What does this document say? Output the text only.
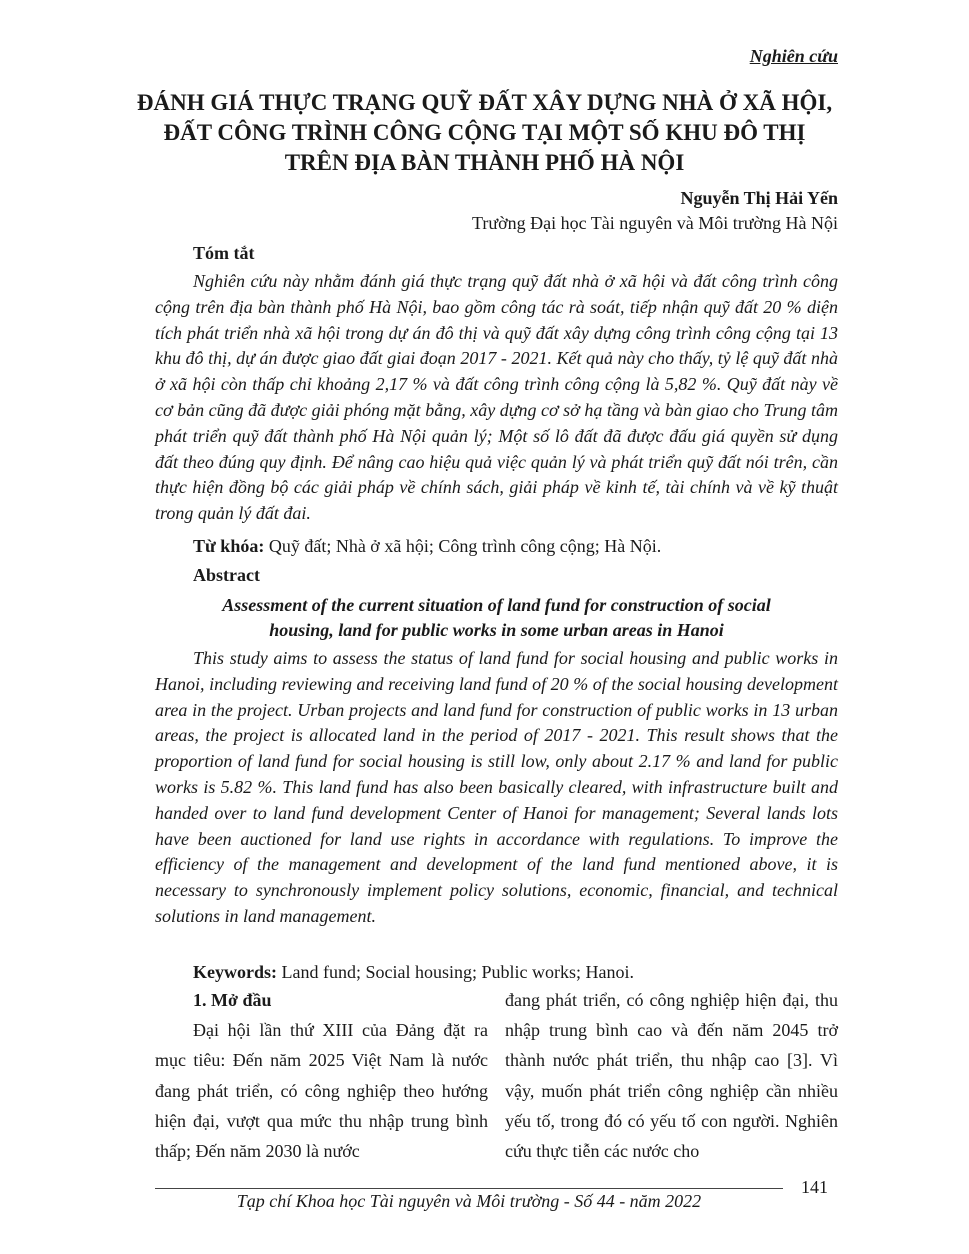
Nghiên cứu
ĐÁNH GIÁ THỰC TRẠNG QUỸ ĐẤT XÂY DỰNG NHÀ Ở XÃ HỘI,
ĐẤT CÔNG TRÌNH CÔNG CỘNG TẠI MỘT SỐ KHU ĐÔ THỊ
TRÊN ĐỊA BÀN THÀNH PHỐ HÀ NỘI
Nguyễn Thị Hải Yến
Trường Đại học Tài nguyên và Môi trường Hà Nội
Tóm tắt

Nghiên cứu này nhằm đánh giá thực trạng quỹ đất nhà ở xã hội và đất công trình công cộng trên địa bàn thành phố Hà Nội, bao gồm công tác rà soát, tiếp nhận quỹ đất 20 % diện tích phát triển nhà xã hội trong dự án đô thị và quỹ đất xây dựng công trình công cộng tại 13 khu đô thị, dự án được giao đất giai đoạn 2017 - 2021. Kết quả này cho thấy, tỷ lệ quỹ đất nhà ở xã hội còn thấp chỉ khoảng 2,17 % và đất công trình công cộng là 5,82 %. Quỹ đất này về cơ bản cũng đã được giải phóng mặt bằng, xây dựng cơ sở hạ tầng và bàn giao cho Trung tâm phát triển quỹ đất thành phố Hà Nội quản lý; Một số lô đất đã được đấu giá quyền sử dụng đất theo đúng quy định. Để nâng cao hiệu quả việc quản lý và phát triển quỹ đất nói trên, cần thực hiện đồng bộ các giải pháp về chính sách, giải pháp về kinh tế, tài chính và về kỹ thuật trong quản lý đất đai.

Từ khóa: Quỹ đất; Nhà ở xã hội; Công trình công cộng; Hà Nội.
Abstract

Assessment of the current situation of land fund for construction of social
housing, land for public works in some urban areas in Hanoi

This study aims to assess the status of land fund for social housing and public works in Hanoi, including reviewing and receiving land fund of 20 % of the social housing development area in the project. Urban projects and land fund for construction of public works in 13 urban areas, the project is allocated land in the period of 2017 - 2021. This result shows that the proportion of land fund for social housing is still low, only about 2.17 % and land for public works is 5.82 %. This land fund has also been basically cleared, with infrastructure built and handed over to land fund development Center of Hanoi for management; Several lands lots have been auctioned for land use rights in accordance with regulations. To improve the efficiency of the management and development of the land fund mentioned above, it is necessary to synchronously implement policy solutions, economic, financial, and technical solutions in land management.

Keywords: Land fund; Social housing; Public works; Hanoi.

1. Mở đầu

Đại hội lần thứ XIII của Đảng đặt ra mục tiêu: Đến năm 2025 Việt Nam là nước đang phát triển, có công nghiệp theo hướng hiện đại, vượt qua mức thu nhập trung bình thấp; Đến năm 2030 là nước

đang phát triển, có công nghiệp hiện đại, thu nhập trung bình cao và đến năm 2045 trở thành nước phát triển, thu nhập cao [3]. Vì vậy, muốn phát triển công nghiệp cần nhiều yếu tố, trong đó có yếu tố con người. Nghiên cứu thực tiễn các nước cho

141
Tạp chí Khoa học Tài nguyên và Môi trường - Số 44 - năm 2022
